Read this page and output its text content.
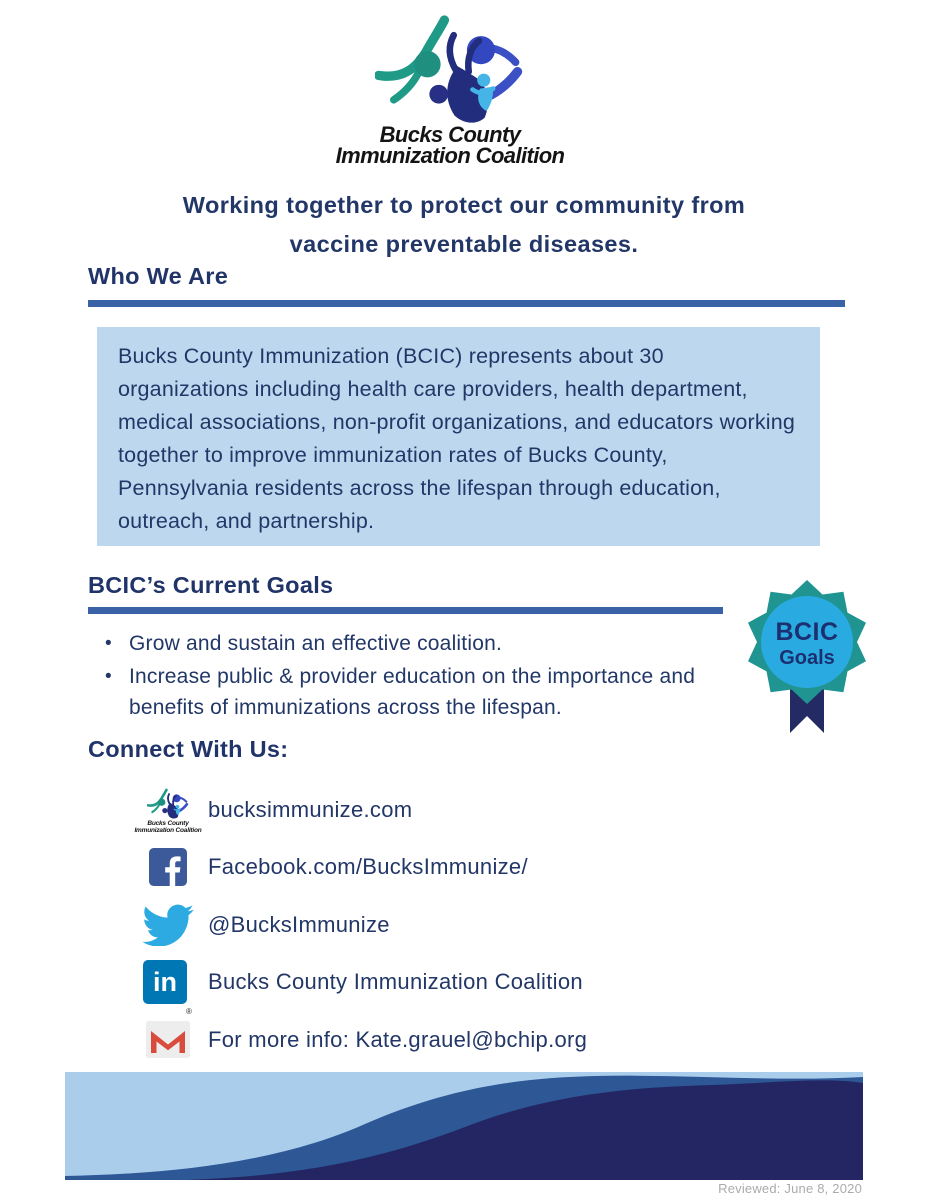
Bucks County
Immunization Coalition
Working together to protect our community from
vaccine preventable diseases.
Who We Are

Bucks County Immunization (BCIC) represents about 30 organizations including health care providers, health department, medical associations, non-profit organizations, and educators working together to improve immunization rates of Bucks County, Pennsylvania residents across the lifespan through education, outreach, and partnership.

BCIC’s Current Goals
• Grow and sustain an effective coalition.
• Increase public & provider education on the importance and benefits of immunizations across the lifespan.
BCIC
Goals
Connect With Us:
Bucks County
Immunization Coalition
bucksimmunize.com
Facebook.com/BucksImmunize/
@BucksImmunize
in
®
Bucks County Immunization Coalition
For more info: Kate.grauel@bchip.org
Reviewed: June 8, 2020
